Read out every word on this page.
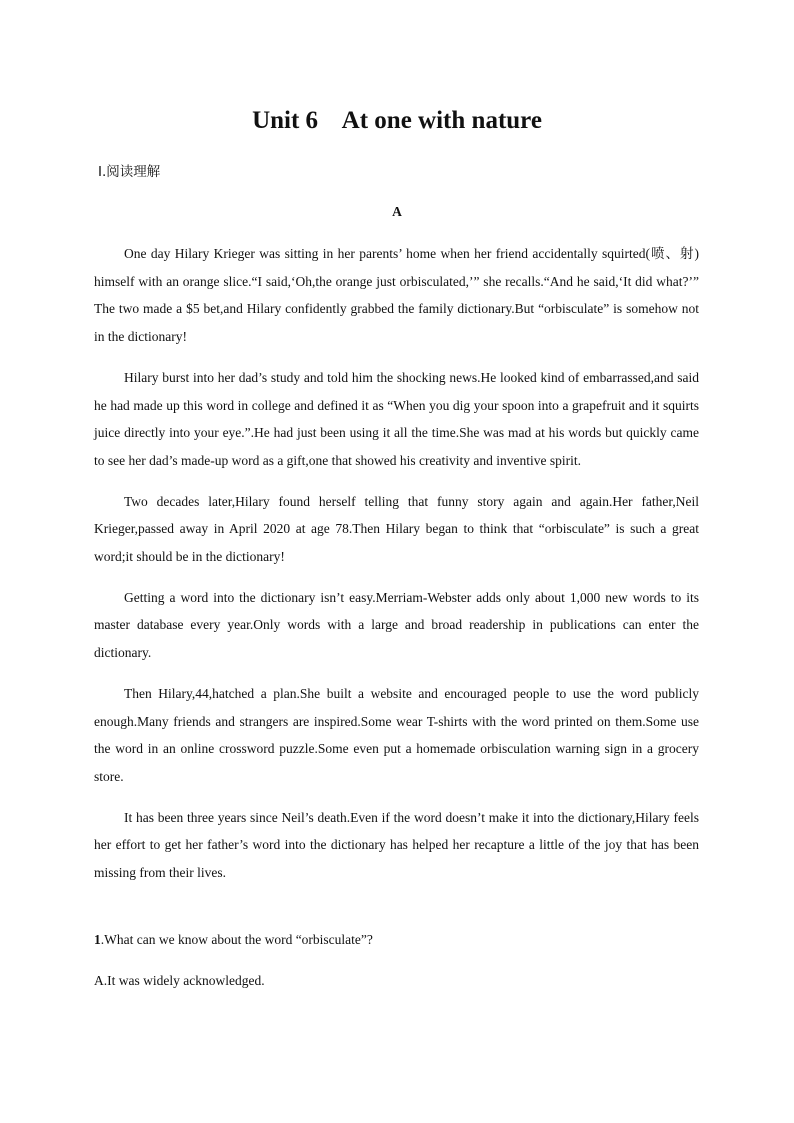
Unit 6    At one with nature
Ⅰ.阅读理解
A

One day Hilary Krieger was sitting in her parents’ home when her friend accidentally squirted(喷、射) himself with an orange slice.“I said,‘Oh,the orange just orbisculated,’” she recalls.“And he said,‘It did what?’” The two made a $5 bet,and Hilary confidently grabbed the family dictionary.But “orbisculate” is somehow not in the dictionary!

Hilary burst into her dad’s study and told him the shocking news.He looked kind of embarrassed,and said he had made up this word in college and defined it as “When you dig your spoon into a grapefruit and it squirts juice directly into your eye.”.He had just been using it all the time.She was mad at his words but quickly came to see her dad’s made-up word as a gift,one that showed his creativity and inventive spirit.

Two decades later,Hilary found herself telling that funny story again and again.Her father,Neil Krieger,passed away in April 2020 at age 78.Then Hilary began to think that “orbisculate” is such a great word;it should be in the dictionary!

Getting a word into the dictionary isn’t easy.Merriam-Webster adds only about 1,000 new words to its master database every year.Only words with a large and broad readership in publications can enter the dictionary.

Then Hilary,44,hatched a plan.She built a website and encouraged people to use the word publicly enough.Many friends and strangers are inspired.Some wear T-shirts with the word printed on them.Some use the word in an online crossword puzzle.Some even put a homemade orbisculation warning sign in a grocery store.

It has been three years since Neil’s death.Even if the word doesn’t make it into the dictionary,Hilary feels her effort to get her father’s word into the dictionary has helped her recapture a little of the joy that has been missing from their lives.

1.What can we know about the word “orbisculate”?
A.It was widely acknowledged.
